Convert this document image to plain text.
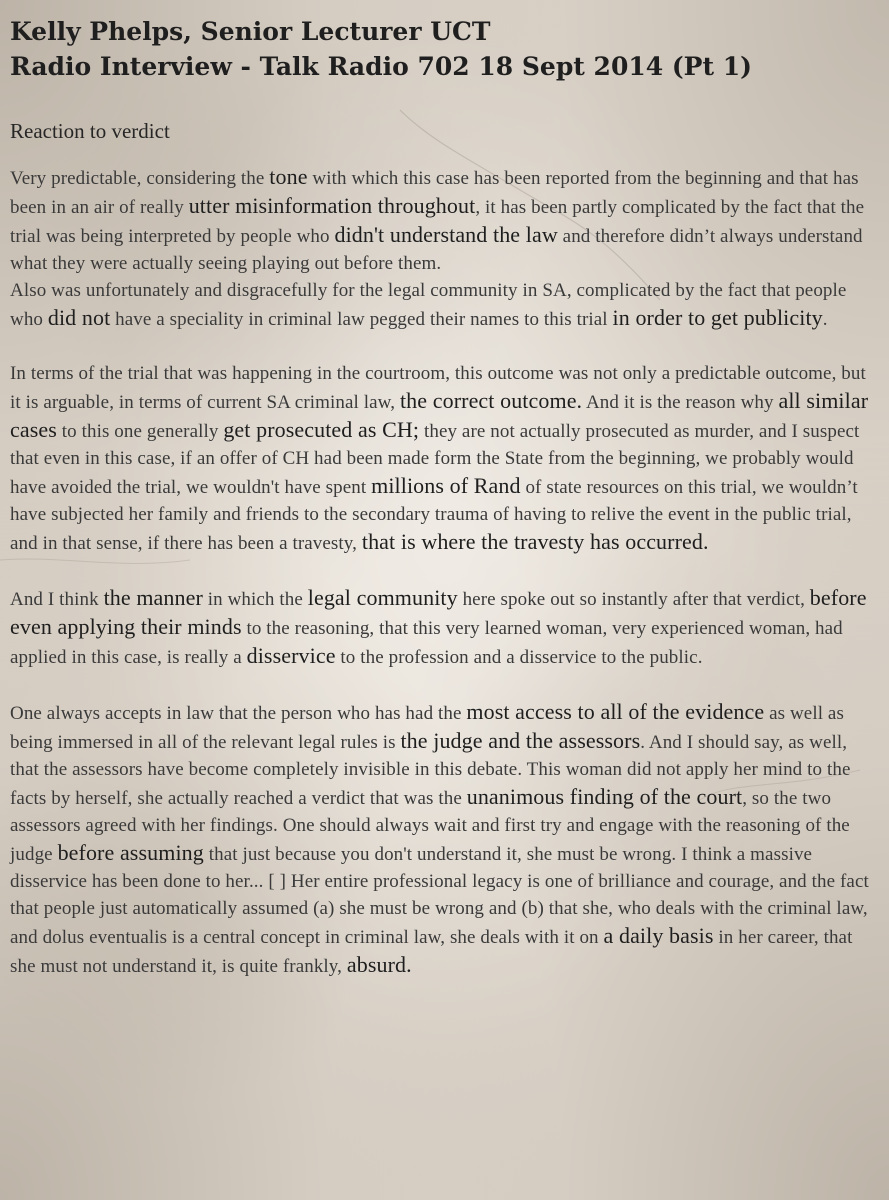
Kelly Phelps, Senior Lecturer UCT
Radio Interview - Talk Radio 702 18 Sept 2014 (Pt 1)
Reaction to verdict

Very predictable, considering the tone with which this case has been reported from the beginning and that has been in an air of really utter misinformation throughout, it has been partly complicated by the fact that the trial was being interpreted by people who didn't understand the law and therefore didn’t always understand what they were actually seeing playing out before them.

Also was unfortunately and disgracefully for the legal community in SA, complicated by the fact that people who did not have a speciality in criminal law pegged their names to this trial in order to get publicity.

In terms of the trial that was happening in the courtroom, this outcome was not only a predictable outcome, but it is arguable, in terms of current SA criminal law, the correct outcome. And it is the reason why all similar cases to this one generally get prosecuted as CH; they are not actually prosecuted as murder, and I suspect that even in this case, if an offer of CH had been made form the State from the beginning, we probably would have avoided the trial, we wouldn't have spent millions of Rand of state resources on this trial, we wouldn’t have subjected her family and friends to the secondary trauma of having to relive the event in the public trial, and in that sense, if there has been a travesty, that is where the travesty has occurred.

And I think the manner in which the legal community here spoke out so instantly after that verdict, before even applying their minds to the reasoning, that this very learned woman, very experienced woman, had applied in this case, is really a disservice to the profession and a disservice to the public.

One always accepts in law that the person who has had the most access to all of the evidence as well as being immersed in all of the relevant legal rules is the judge and the assessors. And I should say, as well, that the assessors have become completely invisible in this debate. This woman did not apply her mind to the facts by herself, she actually reached a verdict that was the unanimous finding of the court, so the two assessors agreed with her findings. One should always wait and first try and engage with the reasoning of the judge before assuming that just because you don't understand it, she must be wrong. I think a massive disservice has been done to her... [ ] Her entire professional legacy is one of brilliance and courage, and the fact that people just automatically assumed (a) she must be wrong and (b) that she, who deals with the criminal law, and dolus eventualis is a central concept in criminal law, she deals with it on a daily basis in her career, that she must not understand it, is quite frankly, absurd.
